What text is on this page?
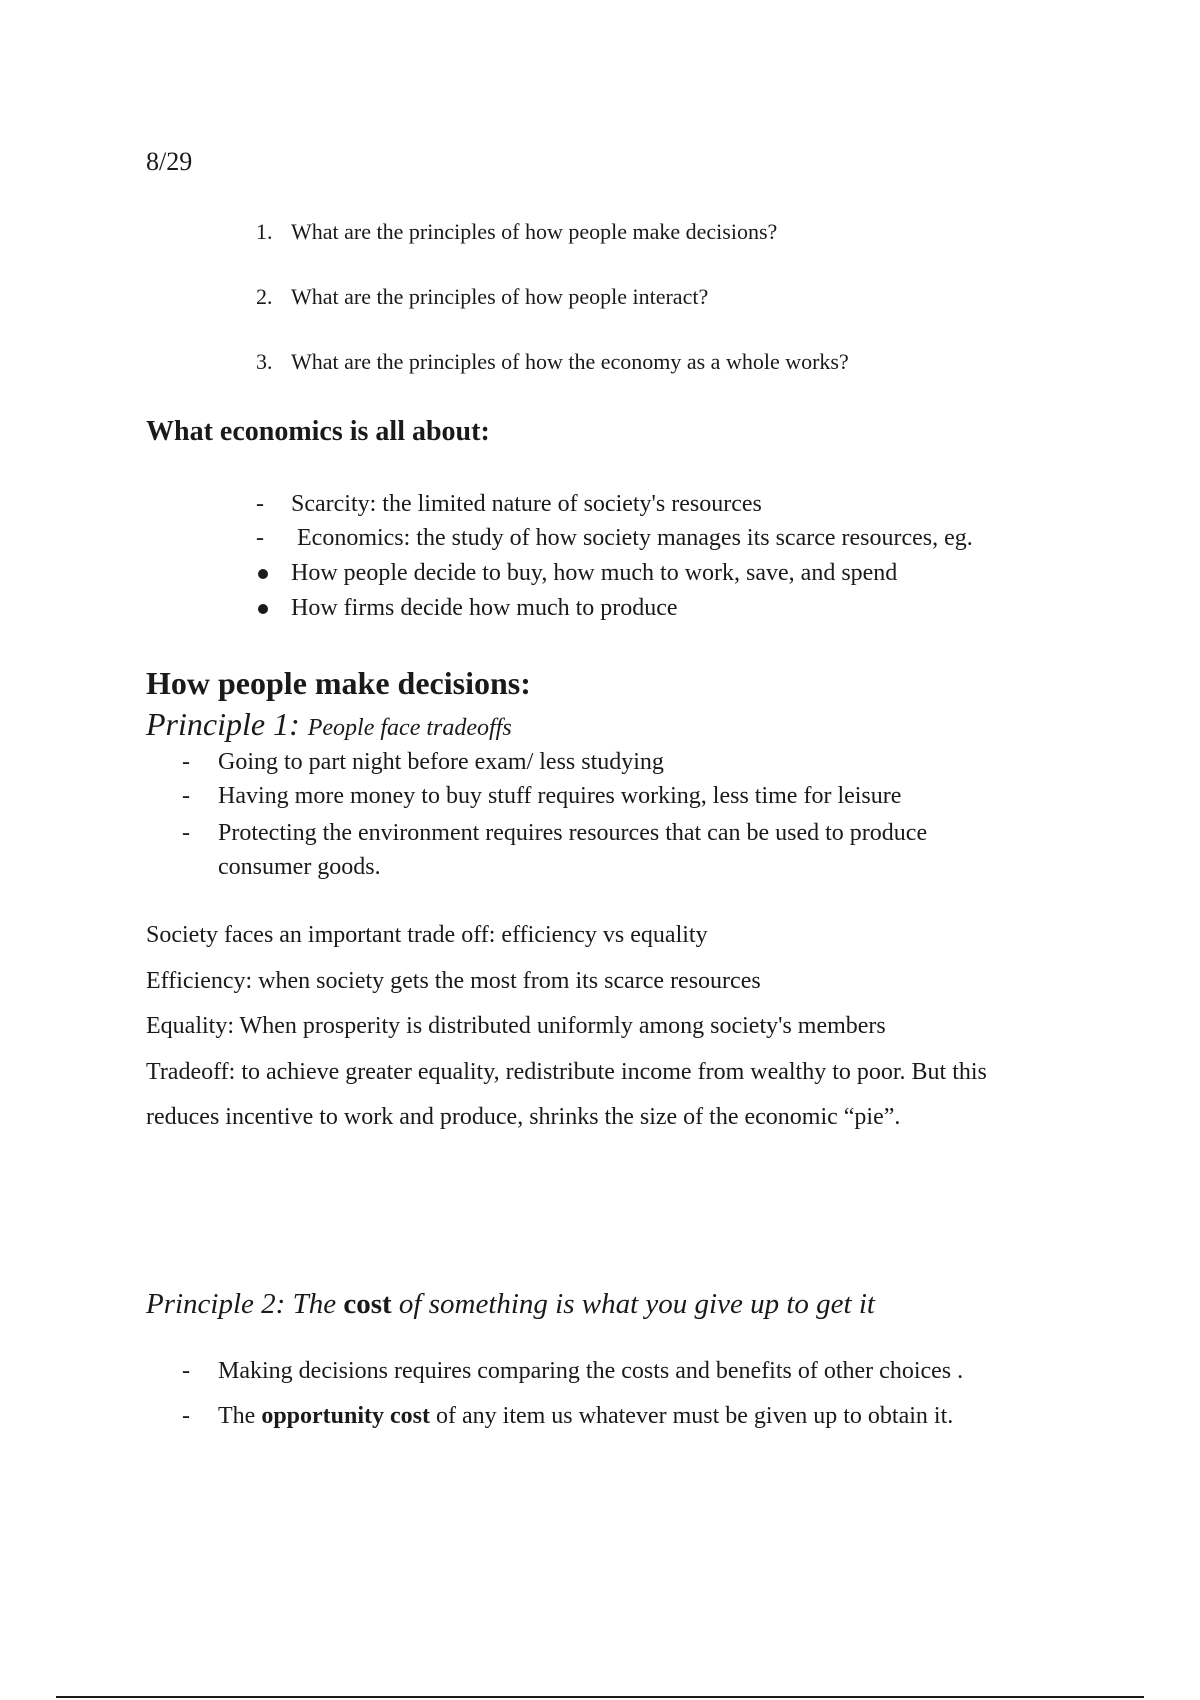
8/29
1. What are the principles of how people make decisions?
2. What are the principles of how people interact?
3. What are the principles of how the economy as a whole works?
What economics is all about:
- Scarcity: the limited nature of society's resources
- Economics: the study of how society manages its scarce resources, eg.
How people decide to buy, how much to work, save, and spend
How firms decide how much to produce
How people make decisions:
Principle 1: People face tradeoffs
- Going to part night before exam/ less studying
- Having more money to buy stuff requires working, less time for leisure
- Protecting the environment requires resources that can be used to produce
consumer goods.
Society faces an important trade off: efficiency vs equality
Efficiency: when society gets the most from its scarce resources
Equality: When prosperity is distributed uniformly among society's members
Tradeoff: to achieve greater equality, redistribute income from wealthy to poor. But this
reduces incentive to work and produce, shrinks the size of the economic “pie”.
Principle 2: The cost of something is what you give up to get it
- Making decisions requires comparing the costs and benefits of other choices .
- The opportunity cost of any item us whatever must be given up to obtain it.
